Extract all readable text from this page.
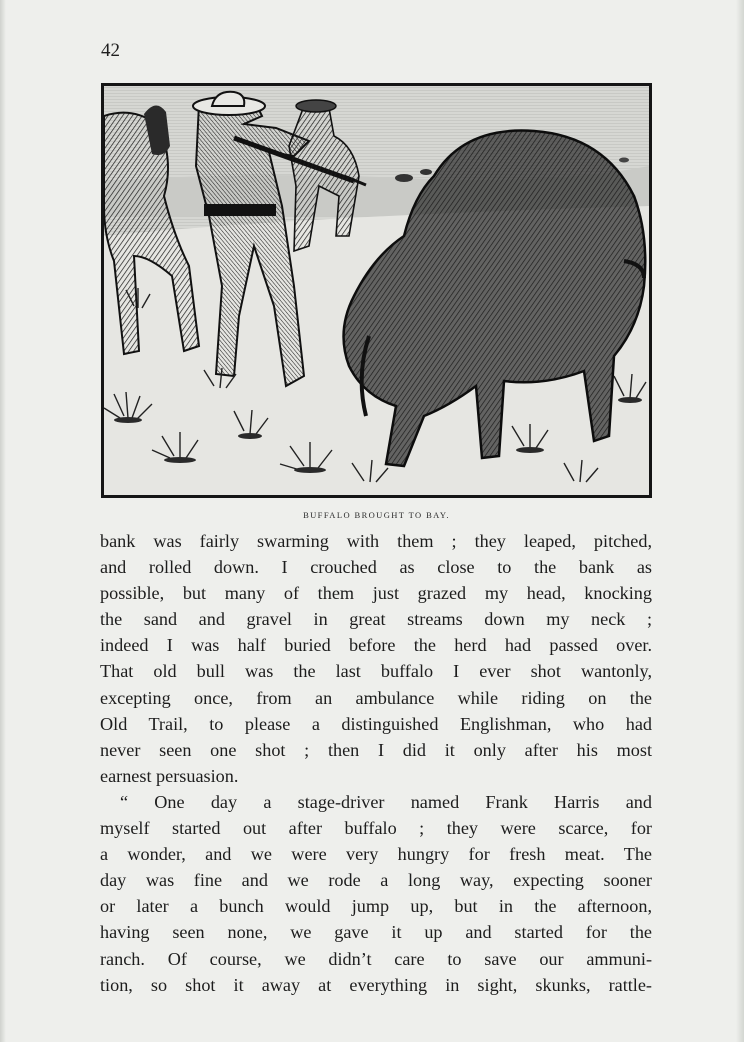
42
BUFFALO BROUGHT TO BAY.
bank was fairly swarming with them ; they leaped, pitched,
and rolled down. I crouched as close to the bank as
possible, but many of them just grazed my head, knocking
the sand and gravel in great streams down my neck ;
indeed I was half buried before the herd had passed over.
That old bull was the last buffalo I ever shot wantonly,
excepting once, from an ambulance while riding on the
Old Trail, to please a distinguished Englishman, who had
never seen one shot ; then I did it only after his most
earnest persuasion.
“ One day a stage-driver named Frank Harris and
myself started out after buffalo ; they were scarce, for
a wonder, and we were very hungry for fresh meat. The
day was fine and we rode a long way, expecting sooner
or later a bunch would jump up, but in the afternoon,
having seen none, we gave it up and started for the
ranch. Of course, we didn’t care to save our ammuni-
tion, so shot it away at everything in sight, skunks, rattle-
